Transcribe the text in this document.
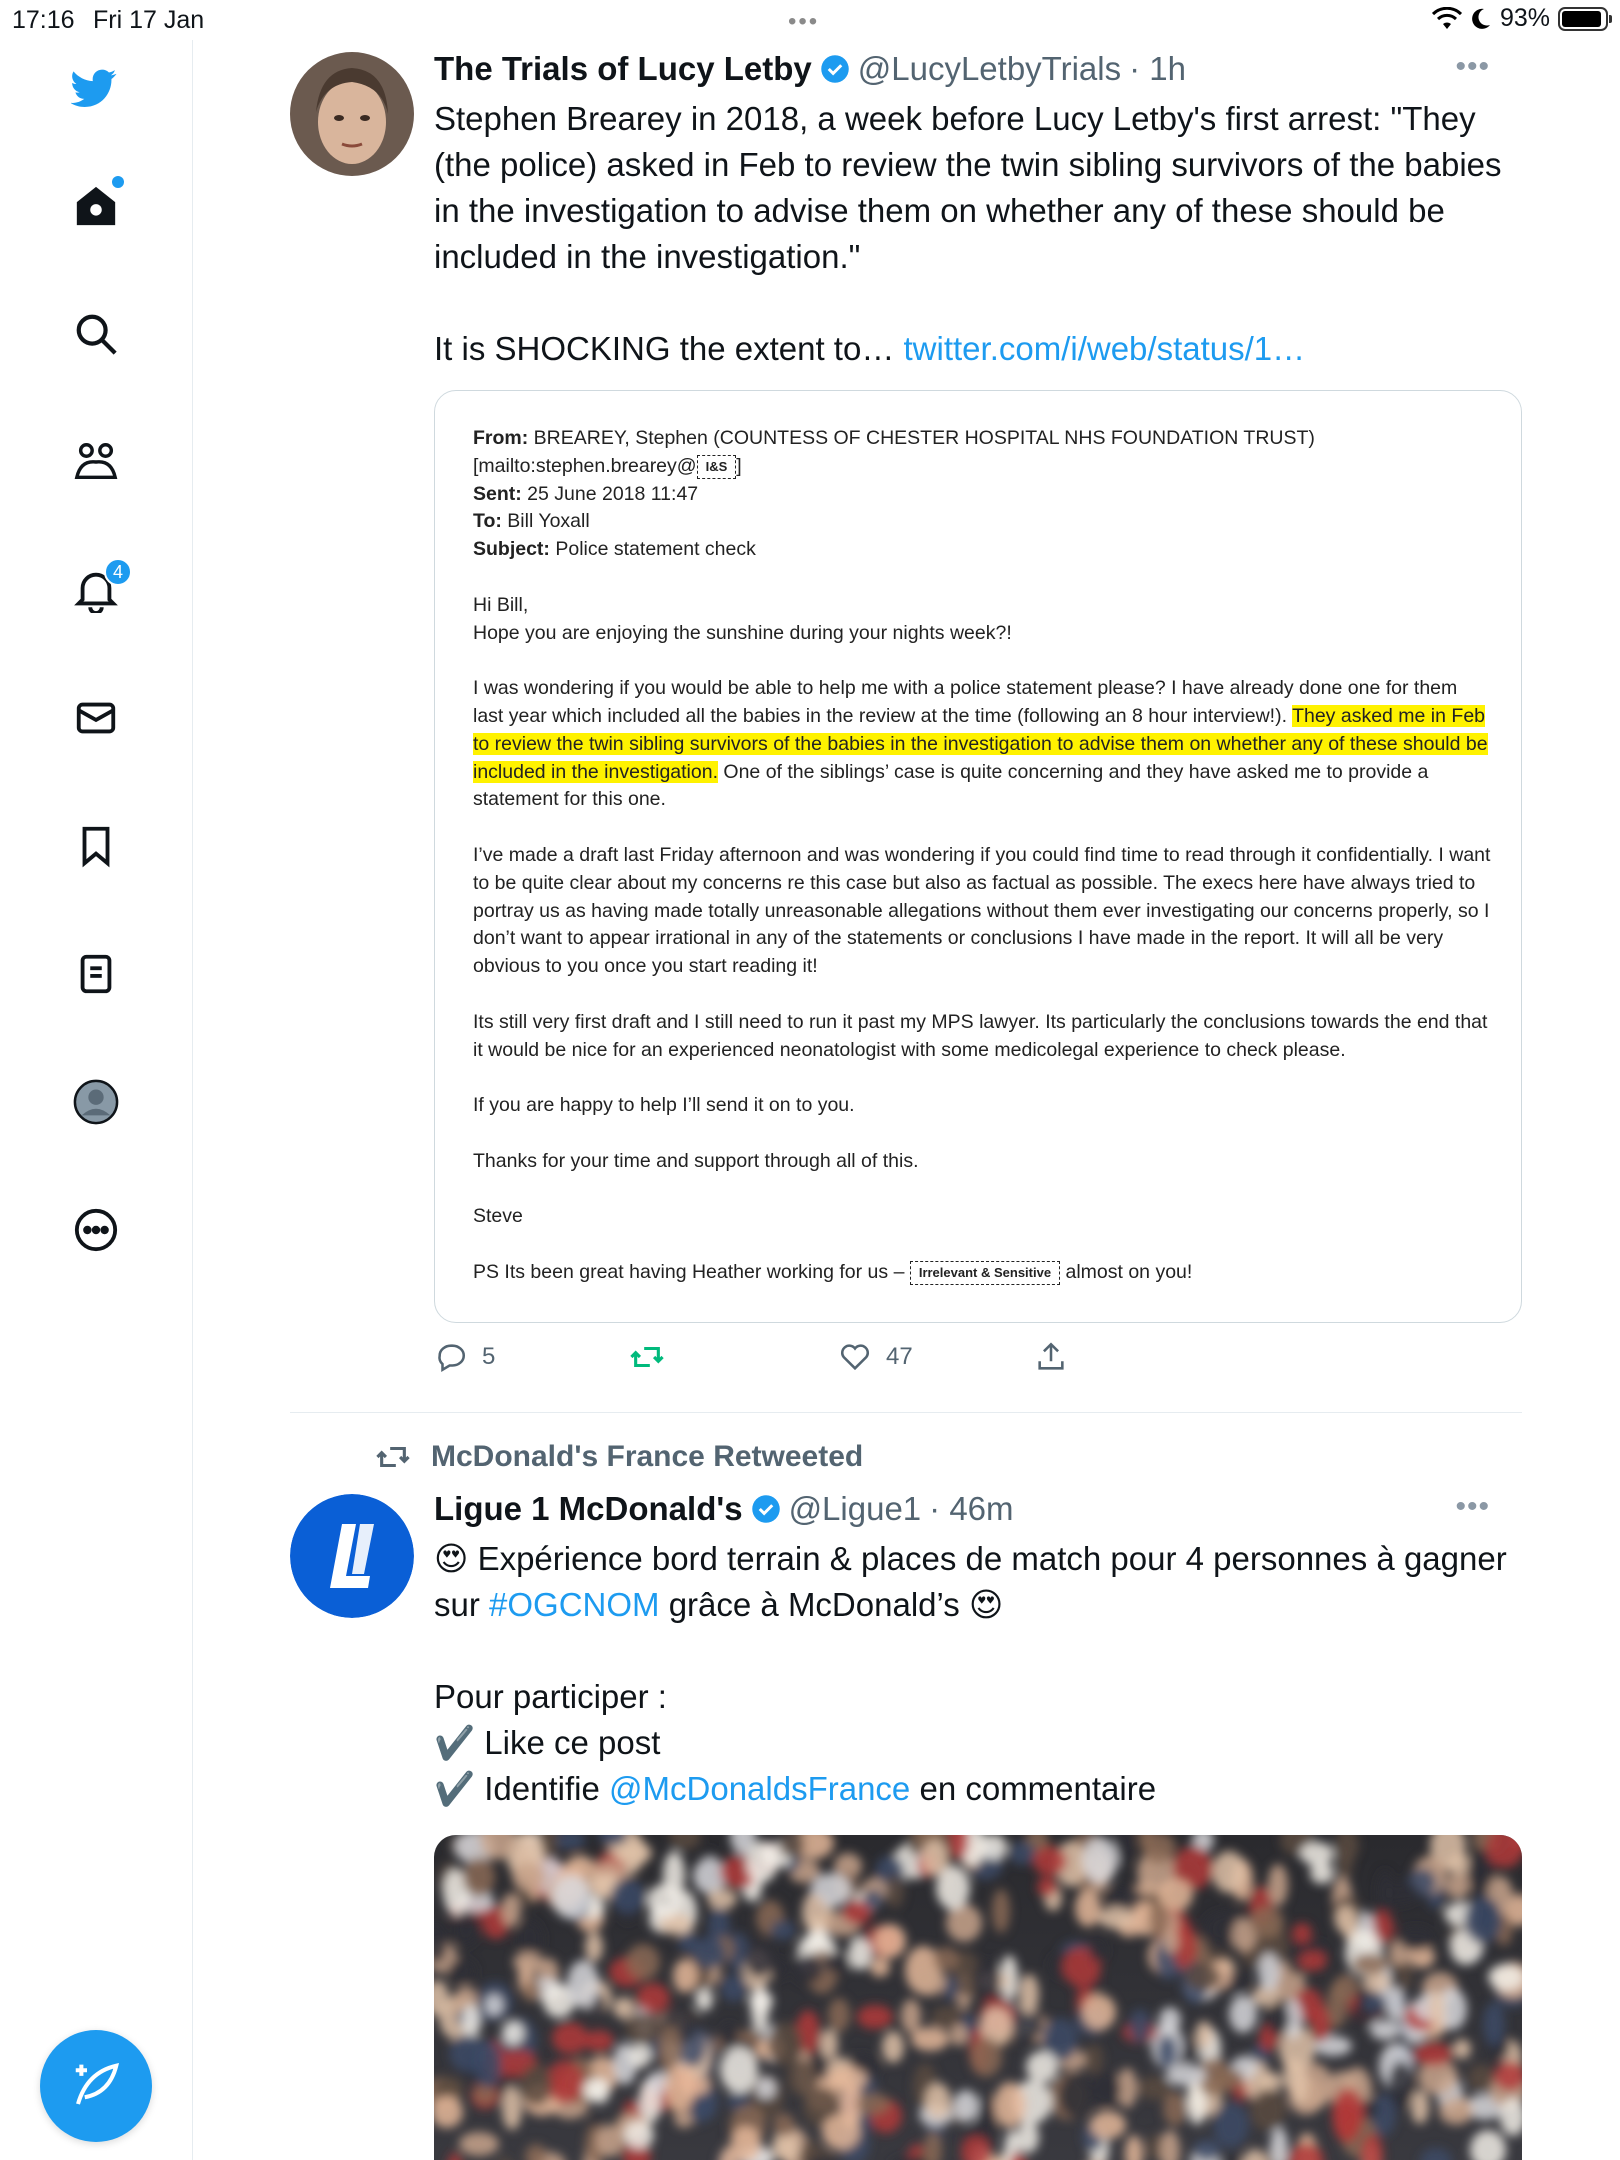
17:16 Fri 17 Jan	•••	93%
4
The Trials of Lucy Letby @LucyLetbyTrials · 1h	•••
Stephen Brearey in 2018, a week before Lucy Letby's first arrest: "They (the police) asked in Feb to review the twin sibling survivors of the babies in the investigation to advise them on whether any of these should be included in the investigation."
It is SHOCKING the extent to… twitter.com/i/web/status/1…
From: BREAREY, Stephen (COUNTESS OF CHESTER HOSPITAL NHS FOUNDATION TRUST)
[mailto:stephen.brearey@ I&S ]
Sent: 25 June 2018 11:47
To: Bill Yoxall

Subject: Police statement check

Hi Bill,

Hope you are enjoying the sunshine during your nights week?!

I was wondering if you would be able to help me with a police statement please? I have already done one for them last year which included all the babies in the review at the time (following an 8 hour interview!). They asked me in Feb to review the twin sibling survivors of the babies in the investigation to advise them on whether any of these should be included in the investigation. One of the siblings’ case is quite concerning and they have asked me to provide a statement for this one.

I’ve made a draft last Friday afternoon and was wondering if you could find time to read through it confidentially. I want to be quite clear about my concerns re this case but also as factual as possible. The execs here have always tried to portray us as having made totally unreasonable allegations without them ever investigating our concerns properly, so I don’t want to appear irrational in any of the statements or conclusions I have made in the report. It will all be very obvious to you once you start reading it!

Its still very first draft and I still need to run it past my MPS lawyer. Its particularly the conclusions towards the end that it would be nice for an experienced neonatologist with some medicolegal experience to check please.

If you are happy to help I’ll send it on to you.

Thanks for your time and support through all of this.

Steve

PS Its been great having Heather working for us – Irrelevant & Sensitive almost on you!
5	47
McDonald's France Retweeted
Ligue 1 McDonald's @Ligue1 · 46m	•••
😍 Expérience bord terrain & places de match pour 4 personnes à gagner sur #OGCNOM grâce à McDonald’s 😍
Pour participer :
✔️ Like ce post
✔️ Identifie @McDonaldsFrance en commentaire
